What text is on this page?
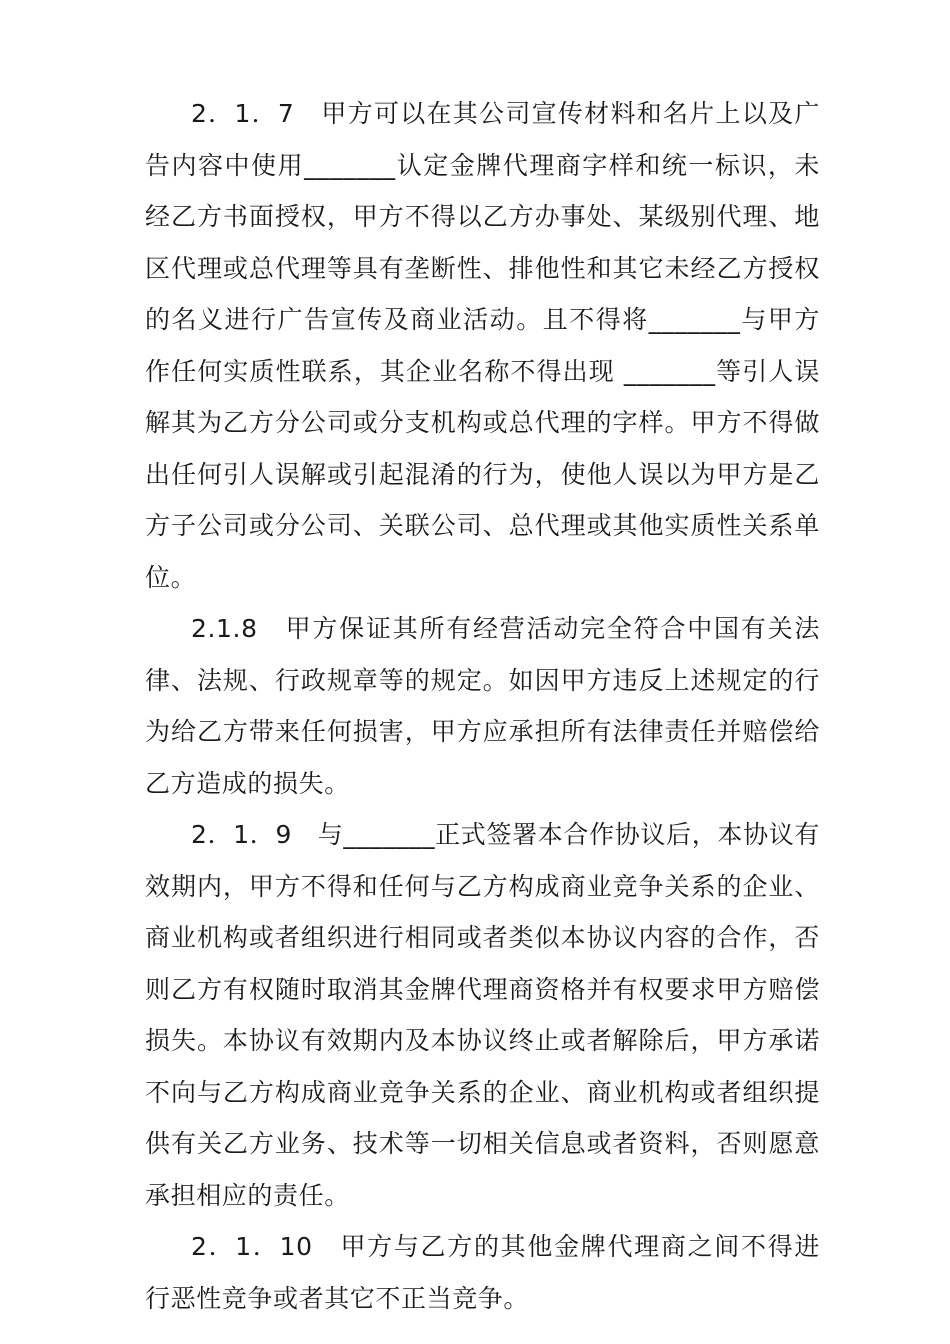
2．1．7　甲方可以在其公司宣传材料和名片上以及广告内容中使用_______认定金牌代理商字样和统一标识，未经乙方书面授权，甲方不得以乙方办事处、某级别代理、地区代理或总代理等具有垄断性、排他性和其它未经乙方授权的名义进行广告宣传及商业活动。且不得将_______与甲方作任何实质性联系，其企业名称不得出现 _______等引人误解其为乙方分公司或分支机构或总代理的字样。甲方不得做出任何引人误解或引起混淆的行为，使他人误以为甲方是乙方子公司或分公司、关联公司、总代理或其他实质性关系单位。

2.1.8　甲方保证其所有经营活动完全符合中国有关法律、法规、行政规章等的规定。如因甲方违反上述规定的行为给乙方带来任何损害，甲方应承担所有法律责任并赔偿给乙方造成的损失。

2．1．9　与_______正式签署本合作协议后，本协议有效期内，甲方不得和任何与乙方构成商业竞争关系的企业、商业机构或者组织进行相同或者类似本协议内容的合作，否则乙方有权随时取消其金牌代理商资格并有权要求甲方赔偿损失。本协议有效期内及本协议终止或者解除后，甲方承诺不向与乙方构成商业竞争关系的企业、商业机构或者组织提供有关乙方业务、技术等一切相关信息或者资料，否则愿意承担相应的责任。

2．1．10　甲方与乙方的其他金牌代理商之间不得进行恶性竞争或者其它不正当竞争。
